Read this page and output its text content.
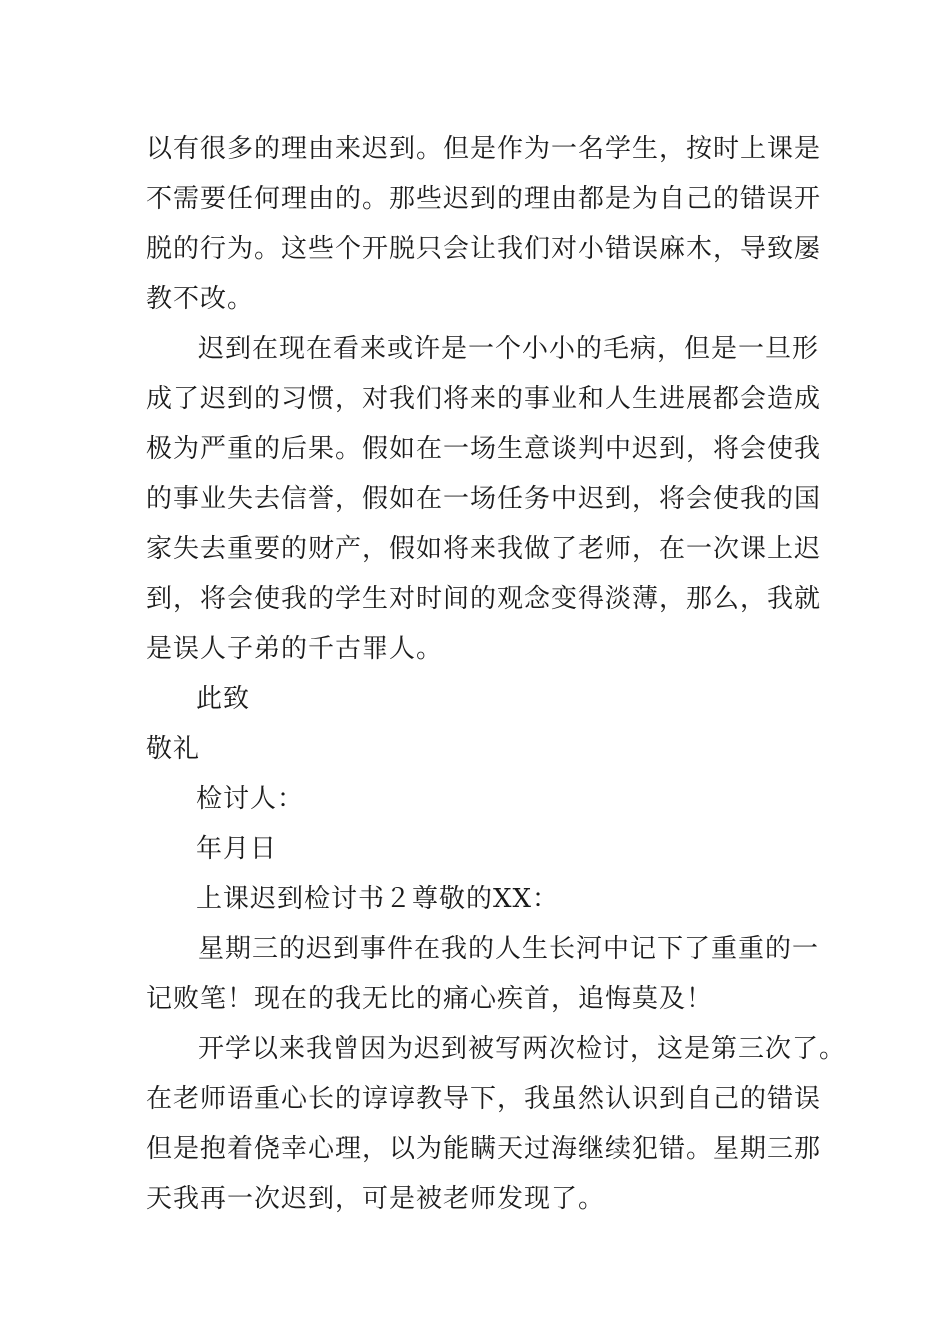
以有很多的理由来迟到。但是作为一名学生，按时上课是
不需要任何理由的。那些迟到的理由都是为自己的错误开
脱的行为。这些个开脱只会让我们对小错误麻木，导致屡
教不改。
迟到在现在看来或许是一个小小的毛病，但是一旦形
成了迟到的习惯，对我们将来的事业和人生进展都会造成
极为严重的后果。假如在一场生意谈判中迟到，将会使我
的事业失去信誉，假如在一场任务中迟到，将会使我的国
家失去重要的财产，假如将来我做了老师，在一次课上迟
到，将会使我的学生对时间的观念变得淡薄，那么，我就
是误人子弟的千古罪人。
此致
敬礼
检讨人：
年月日
上课迟到检讨书２尊敬的XX：
星期三的迟到事件在我的人生长河中记下了重重的一
记败笔！现在的我无比的痛心疾首，追悔莫及！
开学以来我曾因为迟到被写两次检讨，这是第三次了。
在老师语重心长的谆谆教导下，我虽然认识到自己的错误
但是抱着侥幸心理，以为能瞒天过海继续犯错。星期三那
天我再一次迟到，可是被老师发现了。
